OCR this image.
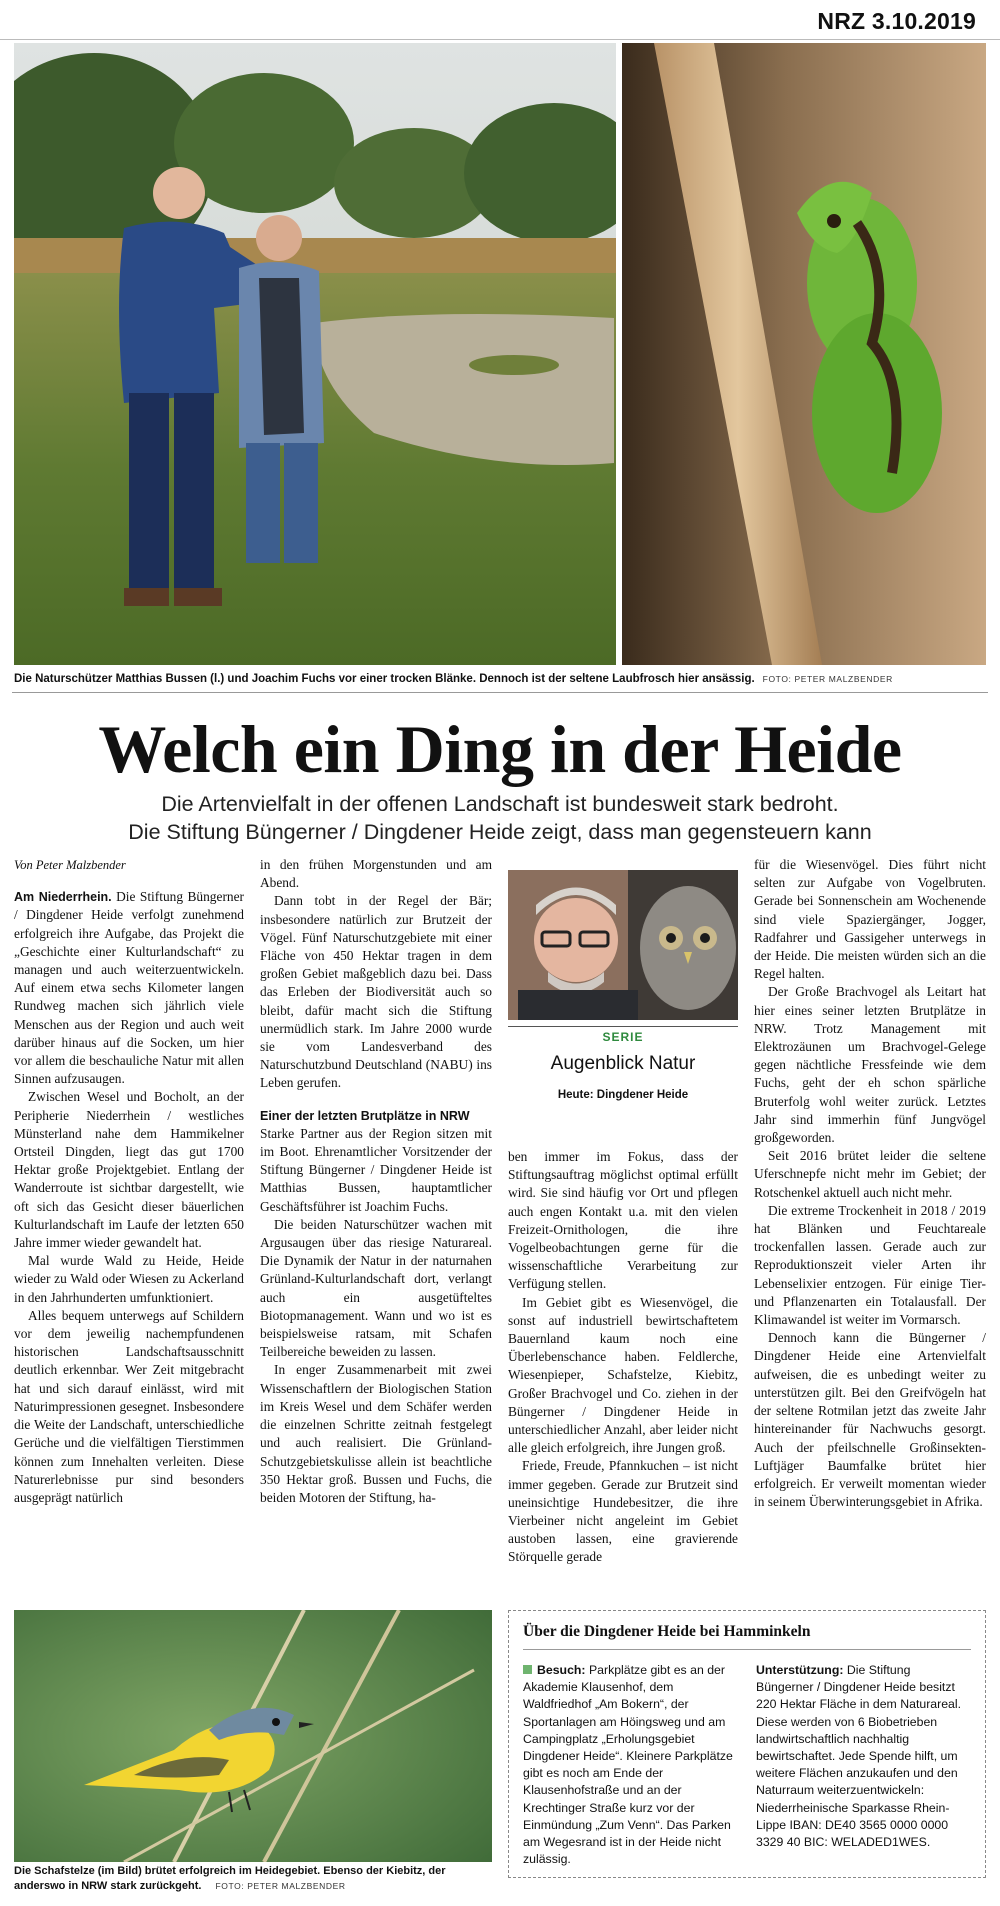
NRZ 3.10.2019
Die Naturschützer Matthias Bussen (l.) und Joachim Fuchs vor einer trocken Blänke. Dennoch ist der seltene Laubfrosch hier ansässig. FOTO: PETER MALZBENDER
Welch ein Ding in der Heide
Die Artenvielfalt in der offenen Landschaft ist bundesweit stark bedroht.
Die Stiftung Büngerner / Dingdener Heide zeigt, dass man gegensteuern kann

Von Peter Malzbender

Am Niederrhein. Die Stiftung Büngerner / Dingdener Heide verfolgt zunehmend erfolgreich ihre Aufgabe, das Projekt die „Geschichte einer Kulturlandschaft“ zu managen und auch weiterzuentwickeln. Auf einem etwa sechs Kilometer langen Rundweg machen sich jährlich viele Menschen aus der Region und auch weit darüber hinaus auf die Socken, um hier vor allem die beschauliche Natur mit allen Sinnen aufzusaugen.

Zwischen Wesel und Bocholt, an der Peripherie Niederrhein / westliches Münsterland nahe dem Hammikelner Ortsteil Dingden, liegt das gut 1700 Hektar große Projektgebiet. Entlang der Wanderroute ist sichtbar dargestellt, wie oft sich das Gesicht dieser bäuerlichen Kulturlandschaft im Laufe der letzten 650 Jahre immer wieder gewandelt hat.

Mal wurde Wald zu Heide, Heide wieder zu Wald oder Wiesen zu Ackerland in den Jahrhunderten umfunktioniert.

Alles bequem unterwegs auf Schildern vor dem jeweilig nachempfundenen historischen Landschaftsausschnitt deutlich erkennbar. Wer Zeit mitgebracht hat und sich darauf einlässt, wird mit Naturimpressionen gesegnet. Insbesondere die Weite der Landschaft, unterschiedliche Gerüche und die vielfältigen Tierstimmen können zum Innehalten verleiten. Diese Naturerlebnisse pur sind besonders ausgeprägt natürlich

in den frühen Morgenstunden und am Abend.

Dann tobt in der Regel der Bär; insbesondere natürlich zur Brutzeit der Vögel. Fünf Naturschutzgebiete mit einer Fläche von 450 Hektar tragen in dem großen Gebiet maßgeblich dazu bei. Dass das Erleben der Biodiversität auch so bleibt, dafür macht sich die Stiftung unermüdlich stark. Im Jahre 2000 wurde sie vom Landesverband des Naturschutzbund Deutschland (NABU) ins Leben gerufen.

Einer der letzten Brutplätze in NRW

Starke Partner aus der Region sitzen mit im Boot. Ehrenamtlicher Vorsitzender der Stiftung Büngerner / Dingdener Heide ist Matthias Bussen, hauptamtlicher Geschäftsführer ist Joachim Fuchs.

Die beiden Naturschützer wachen mit Argusaugen über das riesige Naturareal. Die Dynamik der Natur in der naturnahen Grünland-Kulturlandschaft dort, verlangt auch ein ausgetüfteltes Biotopmanagement. Wann und wo ist es beispielsweise ratsam, mit Schafen Teilbereiche beweiden zu lassen.

In enger Zusammenarbeit mit zwei Wissenschaftlern der Biologischen Station im Kreis Wesel und dem Schäfer werden die einzelnen Schritte zeitnah festgelegt und auch realisiert. Die Grünland-Schutzgebietskulisse allein ist beachtliche 350 Hektar groß. Bussen und Fuchs, die beiden Motoren der Stiftung, ha-

SERIE
Augenblick Natur
Heute: Dingdener Heide

ben immer im Fokus, dass der Stiftungsauftrag möglichst optimal erfüllt wird. Sie sind häufig vor Ort und pflegen auch engen Kontakt u.a. mit den vielen Freizeit-Ornithologen, die ihre Vogelbeobachtungen gerne für die wissenschaftliche Verarbeitung zur Verfügung stellen.

Im Gebiet gibt es Wiesenvögel, die sonst auf industriell bewirtschaftetem Bauernland kaum noch eine Überlebenschance haben. Feldlerche, Wiesenpieper, Schafstelze, Kiebitz, Großer Brachvogel und Co. ziehen in der Büngerner / Dingdener Heide in unterschiedlicher Anzahl, aber leider nicht alle gleich erfolgreich, ihre Jungen groß.

Friede, Freude, Pfannkuchen – ist nicht immer gegeben. Gerade zur Brutzeit sind uneinsichtige Hundebesitzer, die ihre Vierbeiner nicht angeleint im Gebiet austoben lassen, eine gravierende Störquelle gerade

für die Wiesenvögel. Dies führt nicht selten zur Aufgabe von Vogelbruten. Gerade bei Sonnenschein am Wochenende sind viele Spaziergänger, Jogger, Radfahrer und Gassigeher unterwegs in der Heide. Die meisten würden sich an die Regel halten.

Der Große Brachvogel als Leitart hat hier eines seiner letzten Brutplätze in NRW. Trotz Management mit Elektrozäunen um Brachvogel-Gelege gegen nächtliche Fressfeinde wie dem Fuchs, geht der eh schon spärliche Bruterfolg wohl weiter zurück. Letztes Jahr sind immerhin fünf Jungvögel großgeworden.

Seit 2016 brütet leider die seltene Uferschnepfe nicht mehr im Gebiet; der Rotschenkel aktuell auch nicht mehr.

Die extreme Trockenheit in 2018 / 2019 hat Blänken und Feuchtareale trockenfallen lassen. Gerade auch zur Reproduktionszeit vieler Arten ihr Lebenselixier entzogen. Für einige Tier- und Pflanzenarten ein Totalausfall. Der Klimawandel ist weiter im Vormarsch.

Dennoch kann die Büngerner / Dingdener Heide eine Artenvielfalt aufweisen, die es unbedingt weiter zu unterstützen gilt. Bei den Greifvögeln hat der seltene Rotmilan jetzt das zweite Jahr hintereinander für Nachwuchs gesorgt. Auch der pfeilschnelle Großinsekten-Luftjäger Baumfalke brütet hier erfolgreich. Er verweilt momentan wieder in seinem Überwinterungsgebiet in Afrika.

Die Schafstelze (im Bild) brütet erfolgreich im Heidegebiet. Ebenso der Kiebitz, der anderswo in NRW stark zurückgeht. FOTO: PETER MALZBENDER
Über die Dingdener Heide bei Hamminkeln
Besuch: Parkplätze gibt es an der Akademie Klausenhof, dem Waldfriedhof „Am Bokern“, der Sportanlagen am Höingsweg und am Campingplatz „Erholungsgebiet Dingdener Heide“. Kleinere Parkplätze gibt es noch am Ende der Klausenhofstraße und an der Krechtinger Straße kurz vor der Einmündung „Zum Venn“. Das Parken am Wegesrand ist in der Heide nicht zulässig.
Unterstützung: Die Stiftung Büngerner / Dingdener Heide besitzt 220 Hektar Fläche in dem Naturareal. Diese werden von 6 Biobetrieben landwirtschaftlich nachhaltig bewirtschaftet. Jede Spende hilft, um weitere Flächen anzukaufen und den Naturraum weiterzuentwickeln: Niederrheinische Sparkasse Rhein-Lippe IBAN: DE40 3565 0000 0000 3329 40 BIC: WELADED1WES.
